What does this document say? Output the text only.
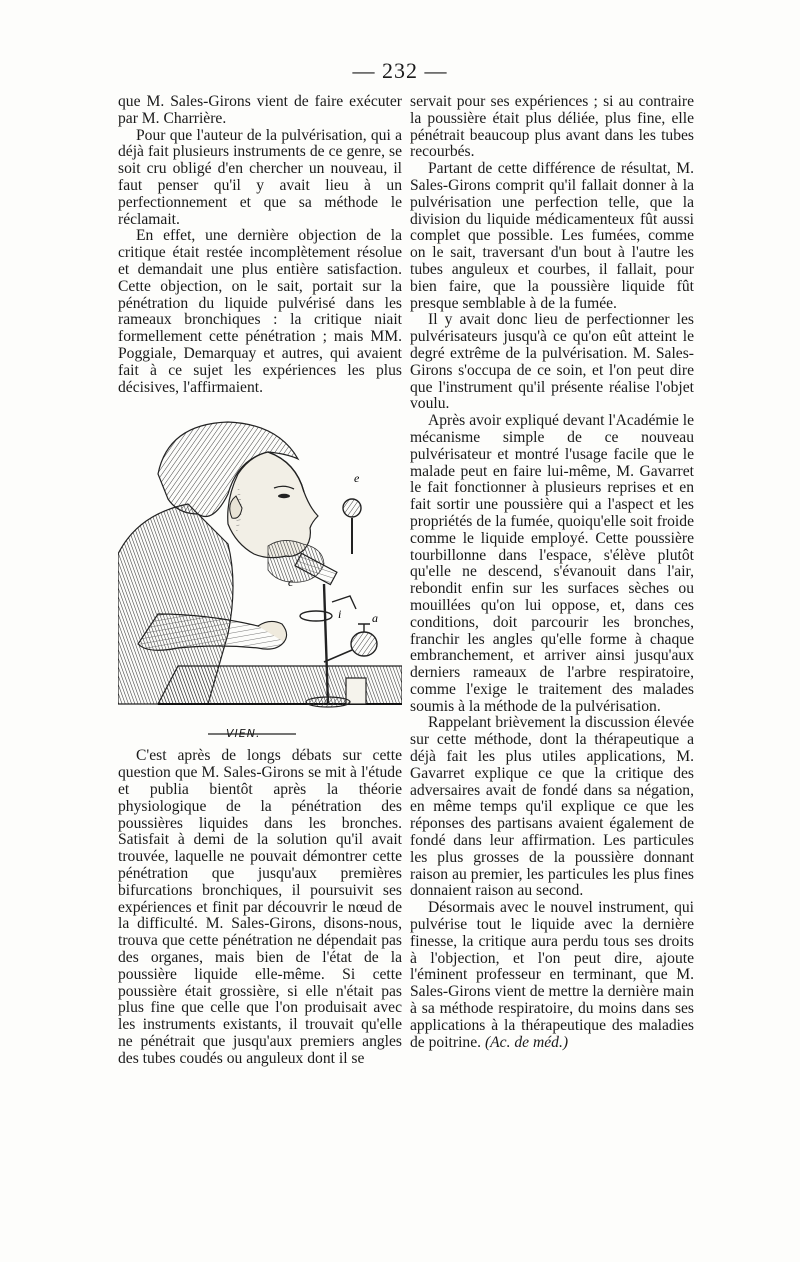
— 232 —

que M. Sales-Girons vient de faire exécuter par M. Charrière.

Pour que l'auteur de la pulvérisation, qui a déjà fait plusieurs instruments de ce genre, se soit cru obligé d'en chercher un nouveau, il faut penser qu'il y avait lieu à un perfectionnement et que sa méthode le réclamait.

En effet, une dernière objection de la critique était restée incomplètement résolue et demandait une plus entière satisfaction. Cette objection, on le sait, portait sur la pénétration du liquide pulvérisé dans les rameaux bronchiques : la critique niait formellement cette pénétration ; mais MM. Poggiale, Demarquay et autres, qui avaient fait à ce sujet les expériences les plus décisives, l'affirmaient.

e
c
i	a
VIEN.

C'est après de longs débats sur cette question que M. Sales-Girons se mit à l'étude et publia bientôt après la théorie physiologique de la pénétration des poussières liquides dans les bronches. Satisfait à demi de la solution qu'il avait trouvée, laquelle ne pouvait démontrer cette pénétration que jusqu'aux premières bifurcations bronchiques, il poursuivit ses expériences et finit par découvrir le nœud de la difficulté. M. Sales-Girons, disons-nous, trouva que cette pénétration ne dépendait pas des organes, mais bien de l'état de la poussière liquide elle-même. Si cette poussière était grossière, si elle n'était pas plus fine que celle que l'on produisait avec les instruments existants, il trouvait qu'elle ne pénétrait que jusqu'aux premiers angles des tubes coudés ou anguleux dont il se

servait pour ses expériences ; si au contraire la poussière était plus déliée, plus fine, elle pénétrait beaucoup plus avant dans les tubes recourbés.

Partant de cette différence de résultat, M. Sales-Girons comprit qu'il fallait donner à la pulvérisation une perfection telle, que la division du liquide médicamenteux fût aussi complet que possible. Les fumées, comme on le sait, traversant d'un bout à l'autre les tubes anguleux et courbes, il fallait, pour bien faire, que la poussière liquide fût presque semblable à de la fumée.

Il y avait donc lieu de perfectionner les pulvérisateurs jusqu'à ce qu'on eût atteint le degré extrême de la pulvérisation. M. Sales-Girons s'occupa de ce soin, et l'on peut dire que l'instrument qu'il présente réalise l'objet voulu.

Après avoir expliqué devant l'Académie le mécanisme simple de ce nouveau pulvérisateur et montré l'usage facile que le malade peut en faire lui-même, M. Gavarret le fait fonctionner à plusieurs reprises et en fait sortir une poussière qui a l'aspect et les propriétés de la fumée, quoiqu'elle soit froide comme le liquide employé. Cette poussière tourbillonne dans l'espace, s'élève plutôt qu'elle ne descend, s'évanouit dans l'air, rebondit enfin sur les surfaces sèches ou mouillées qu'on lui oppose, et, dans ces conditions, doit parcourir les bronches, franchir les angles qu'elle forme à chaque embranchement, et arriver ainsi jusqu'aux derniers rameaux de l'arbre respiratoire, comme l'exige le traitement des malades soumis à la méthode de la pulvérisation.

Rappelant brièvement la discussion élevée sur cette méthode, dont la thérapeutique a déjà fait les plus utiles applications, M. Gavarret explique ce que la critique des adversaires avait de fondé dans sa négation, en même temps qu'il explique ce que les réponses des partisans avaient également de fondé dans leur affirmation. Les particules les plus grosses de la poussière donnant raison au premier, les particules les plus fines donnaient raison au second.

Désormais avec le nouvel instrument, qui pulvérise tout le liquide avec la dernière finesse, la critique aura perdu tous ses droits à l'objection, et l'on peut dire, ajoute l'éminent professeur en terminant, que M. Sales-Girons vient de mettre la dernière main à sa méthode respiratoire, du moins dans ses applications à la thérapeutique des maladies de poitrine. (Ac. de méd.)
